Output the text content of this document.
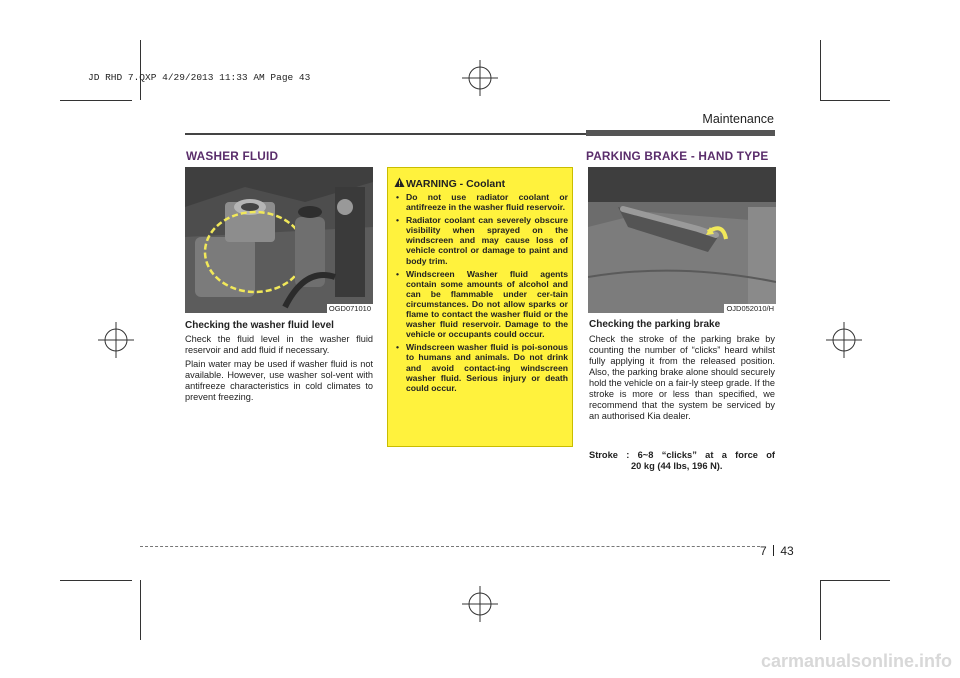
JD RHD 7.QXP 4/29/2013 11:33 AM Page 43
Maintenance
WASHER FLUID
OGD071010
Checking the washer fluid level

Check the fluid level in the washer fluid reservoir and add fluid if necessary.

Plain water may be used if washer fluid is not available. However, use washer sol-vent with antifreeze characteristics in cold climates to prevent freezing.

WARNING - Coolant
• Do not use radiator coolant or antifreeze in the washer fluid reservoir.
• Radiator coolant can severely obscure visibility when sprayed on the windscreen and may cause loss of vehicle control or damage to paint and body trim.
• Windscreen Washer fluid agents contain some amounts of alcohol and can be flammable under cer-tain circumstances. Do not allow sparks or flame to contact the washer fluid or the washer fluid reservoir. Damage to the vehicle or occupants could occur.
• Windscreen washer fluid is poi-sonous to humans and animals. Do not drink and avoid contact-ing windscreen washer fluid. Serious injury or death could occur.
PARKING BRAKE - HAND TYPE
OJD052010/H
Checking the parking brake

Check the stroke of the parking brake by counting the number of “clicks” heard whilst fully applying it from the released position. Also, the parking brake alone should securely hold the vehicle on a fair-ly steep grade. If the stroke is more or less than specified, we recommend that the system be serviced by an authorised Kia dealer.

Stroke : 6~8 “clicks” at a force of
20 kg (44 lbs, 196 N).
7 43
carmanualsonline.info
